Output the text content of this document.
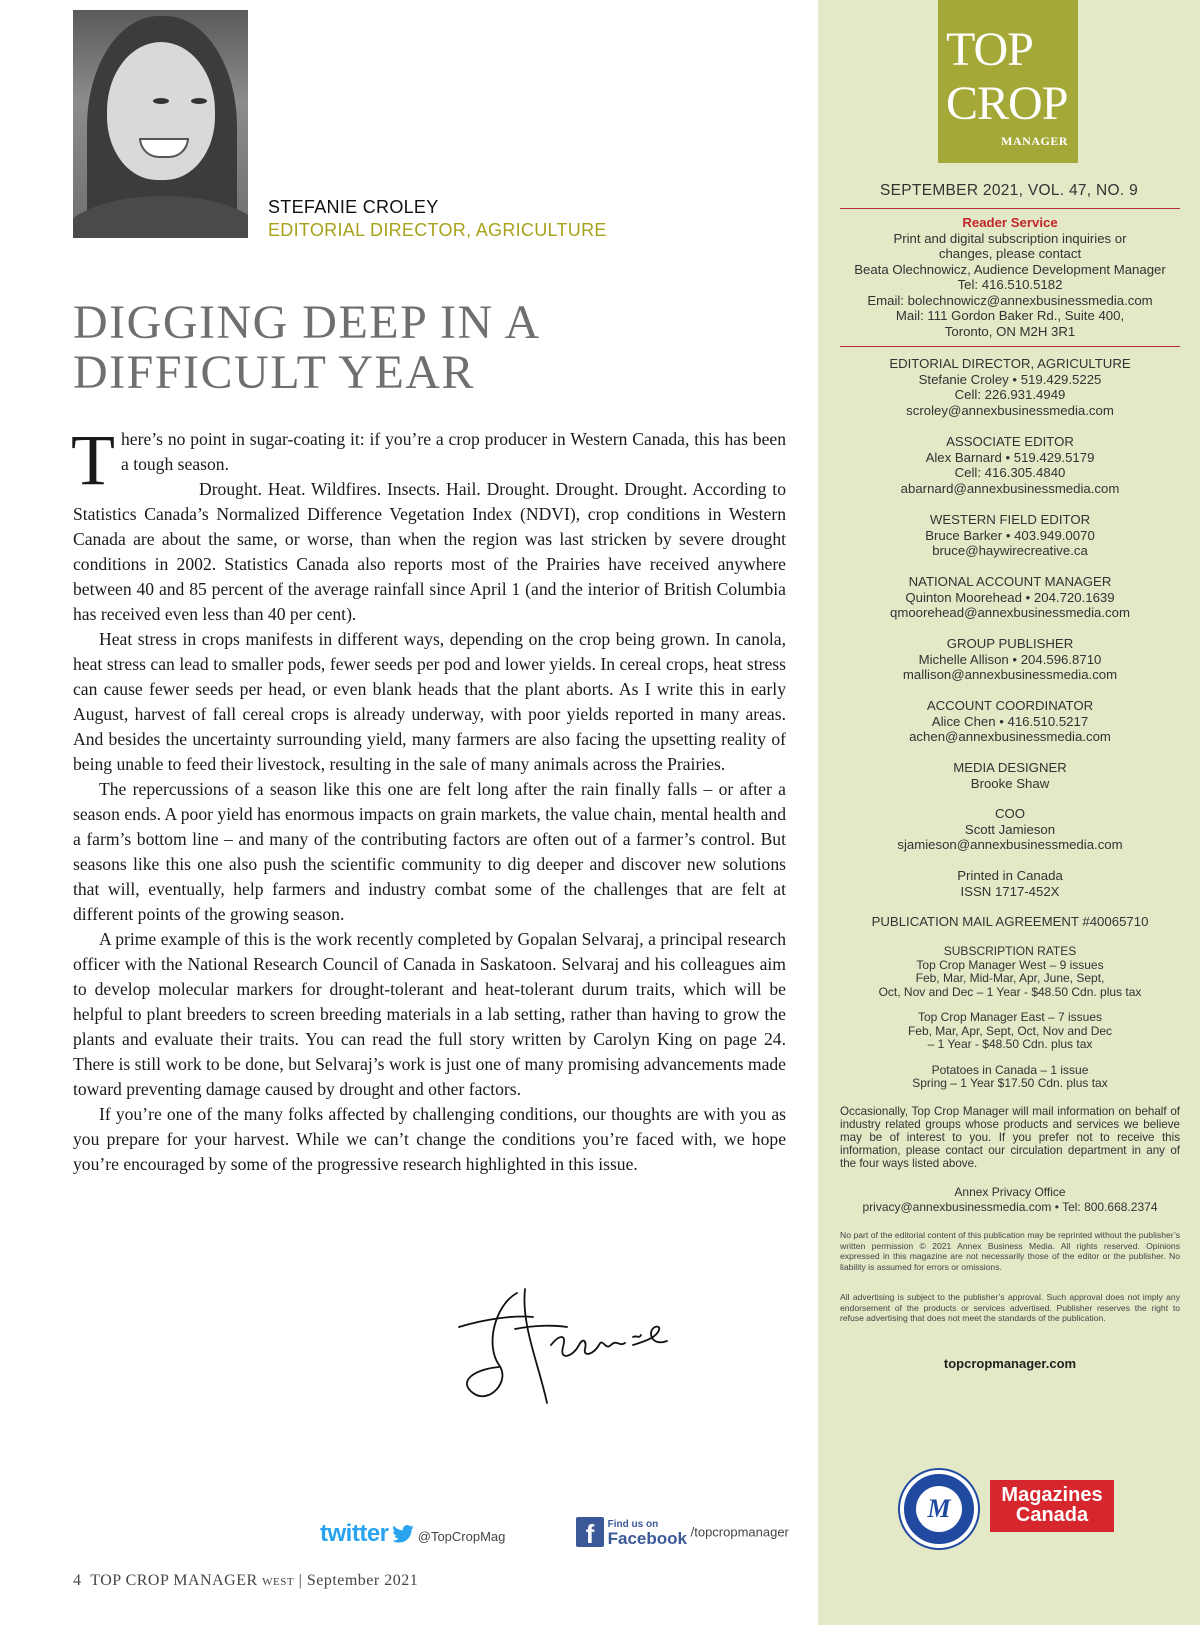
STEFANIE CROLEY
EDITORIAL DIRECTOR, AGRICULTURE
DIGGING DEEP IN A
DIFFICULT YEAR

There’s no point in sugar-coating it: if you’re a crop producer in Western Canada, this has been a tough season.

Drought. Heat. Wildfires. Insects. Hail. Drought. Drought. Drought. According to Statistics Canada’s Normalized Difference Vegetation Index (NDVI), crop conditions in Western Canada are about the same, or worse, than when the region was last stricken by severe drought conditions in 2002. Statistics Canada also reports most of the Prairies have received anywhere between 40 and 85 percent of the average rainfall since April 1 (and the interior of British Columbia has received even less than 40 per cent).

Heat stress in crops manifests in different ways, depending on the crop being grown. In canola, heat stress can lead to smaller pods, fewer seeds per pod and lower yields. In cereal crops, heat stress can cause fewer seeds per head, or even blank heads that the plant aborts. As I write this in early August, harvest of fall cereal crops is already underway, with poor yields reported in many areas. And besides the uncertainty surrounding yield, many farmers are also facing the upsetting reality of being unable to feed their livestock, resulting in the sale of many animals across the Prairies.

The repercussions of a season like this one are felt long after the rain finally falls – or after a season ends. A poor yield has enormous impacts on grain markets, the value chain, mental health and a farm’s bottom line – and many of the contributing factors are often out of a farmer’s control. But seasons like this one also push the scientific community to dig deeper and discover new solutions that will, eventually, help farmers and industry combat some of the challenges that are felt at different points of the growing season.

A prime example of this is the work recently completed by Gopalan Selvaraj, a principal research officer with the National Research Council of Canada in Saskatoon. Selvaraj and his colleagues aim to develop molecular markers for drought-tolerant and heat-tolerant durum traits, which will be helpful to plant breeders to screen breeding materials in a lab setting, rather than having to grow the plants and evaluate their traits. You can read the full story written by Carolyn King on page 24. There is still work to be done, but Selvaraj’s work is just one of many promising advancements made toward preventing damage caused by drought and other factors.

If you’re one of the many folks affected by challenging conditions, our thoughts are with you as you prepare for your harvest. While we can’t change the conditions you’re faced with, we hope you’re encouraged by some of the progressive research highlighted in this issue.

twitter @TopCropMag	f Find us on
Facebook /topcropmanager
4 TOP CROP MANAGER WEST | September 2021
TOP
CROP
MANAGER
SEPTEMBER 2021, VOL. 47, NO. 9
Reader Service
Print and digital subscription inquiries or
changes, please contact
Beata Olechnowicz, Audience Development Manager
Tel: 416.510.5182
Email: bolechnowicz@annexbusinessmedia.com
Mail: 111 Gordon Baker Rd., Suite 400,
Toronto, ON M2H 3R1
EDITORIAL DIRECTOR, AGRICULTURE
Stefanie Croley • 519.429.5225
Cell: 226.931.4949
scroley@annexbusinessmedia.com
ASSOCIATE EDITOR
Alex Barnard • 519.429.5179
Cell: 416.305.4840
abarnard@annexbusinessmedia.com
WESTERN FIELD EDITOR
Bruce Barker • 403.949.0070
bruce@haywirecreative.ca
NATIONAL ACCOUNT MANAGER
Quinton Moorehead • 204.720.1639
qmoorehead@annexbusinessmedia.com
GROUP PUBLISHER
Michelle Allison • 204.596.8710
mallison@annexbusinessmedia.com
ACCOUNT COORDINATOR
Alice Chen • 416.510.5217
achen@annexbusinessmedia.com
MEDIA DESIGNER
Brooke Shaw
COO
Scott Jamieson
sjamieson@annexbusinessmedia.com
Printed in Canada
ISSN 1717-452X
PUBLICATION MAIL AGREEMENT #40065710
SUBSCRIPTION RATES
Top Crop Manager West – 9 issues
Feb, Mar, Mid-Mar, Apr, June, Sept,
Oct, Nov and Dec – 1 Year - $48.50 Cdn. plus tax
Top Crop Manager East – 7 issues
Feb, Mar, Apr, Sept, Oct, Nov and Dec
– 1 Year - $48.50 Cdn. plus tax
Potatoes in Canada – 1 issue
Spring – 1 Year $17.50 Cdn. plus tax
Occasionally, Top Crop Manager will mail information on behalf of industry related groups whose products and services we believe may be of interest to you. If you prefer not to receive this information, please contact our circulation department in any of the four ways listed above.
Annex Privacy Office
privacy@annexbusinessmedia.com • Tel: 800.668.2374
No part of the editorial content of this publication may be reprinted without the publisher’s written permission © 2021 Annex Business Media. All rights reserved. Opinions expressed in this magazine are not necessarily those of the editor or the publisher. No liability is assumed for errors or omissions.
All advertising is subject to the publisher’s approval. Such approval does not imply any endorsement of the products or services advertised. Publisher reserves the right to refuse advertising that does not meet the standards of the publication.
topcropmanager.com
M	Magazines
Canada
